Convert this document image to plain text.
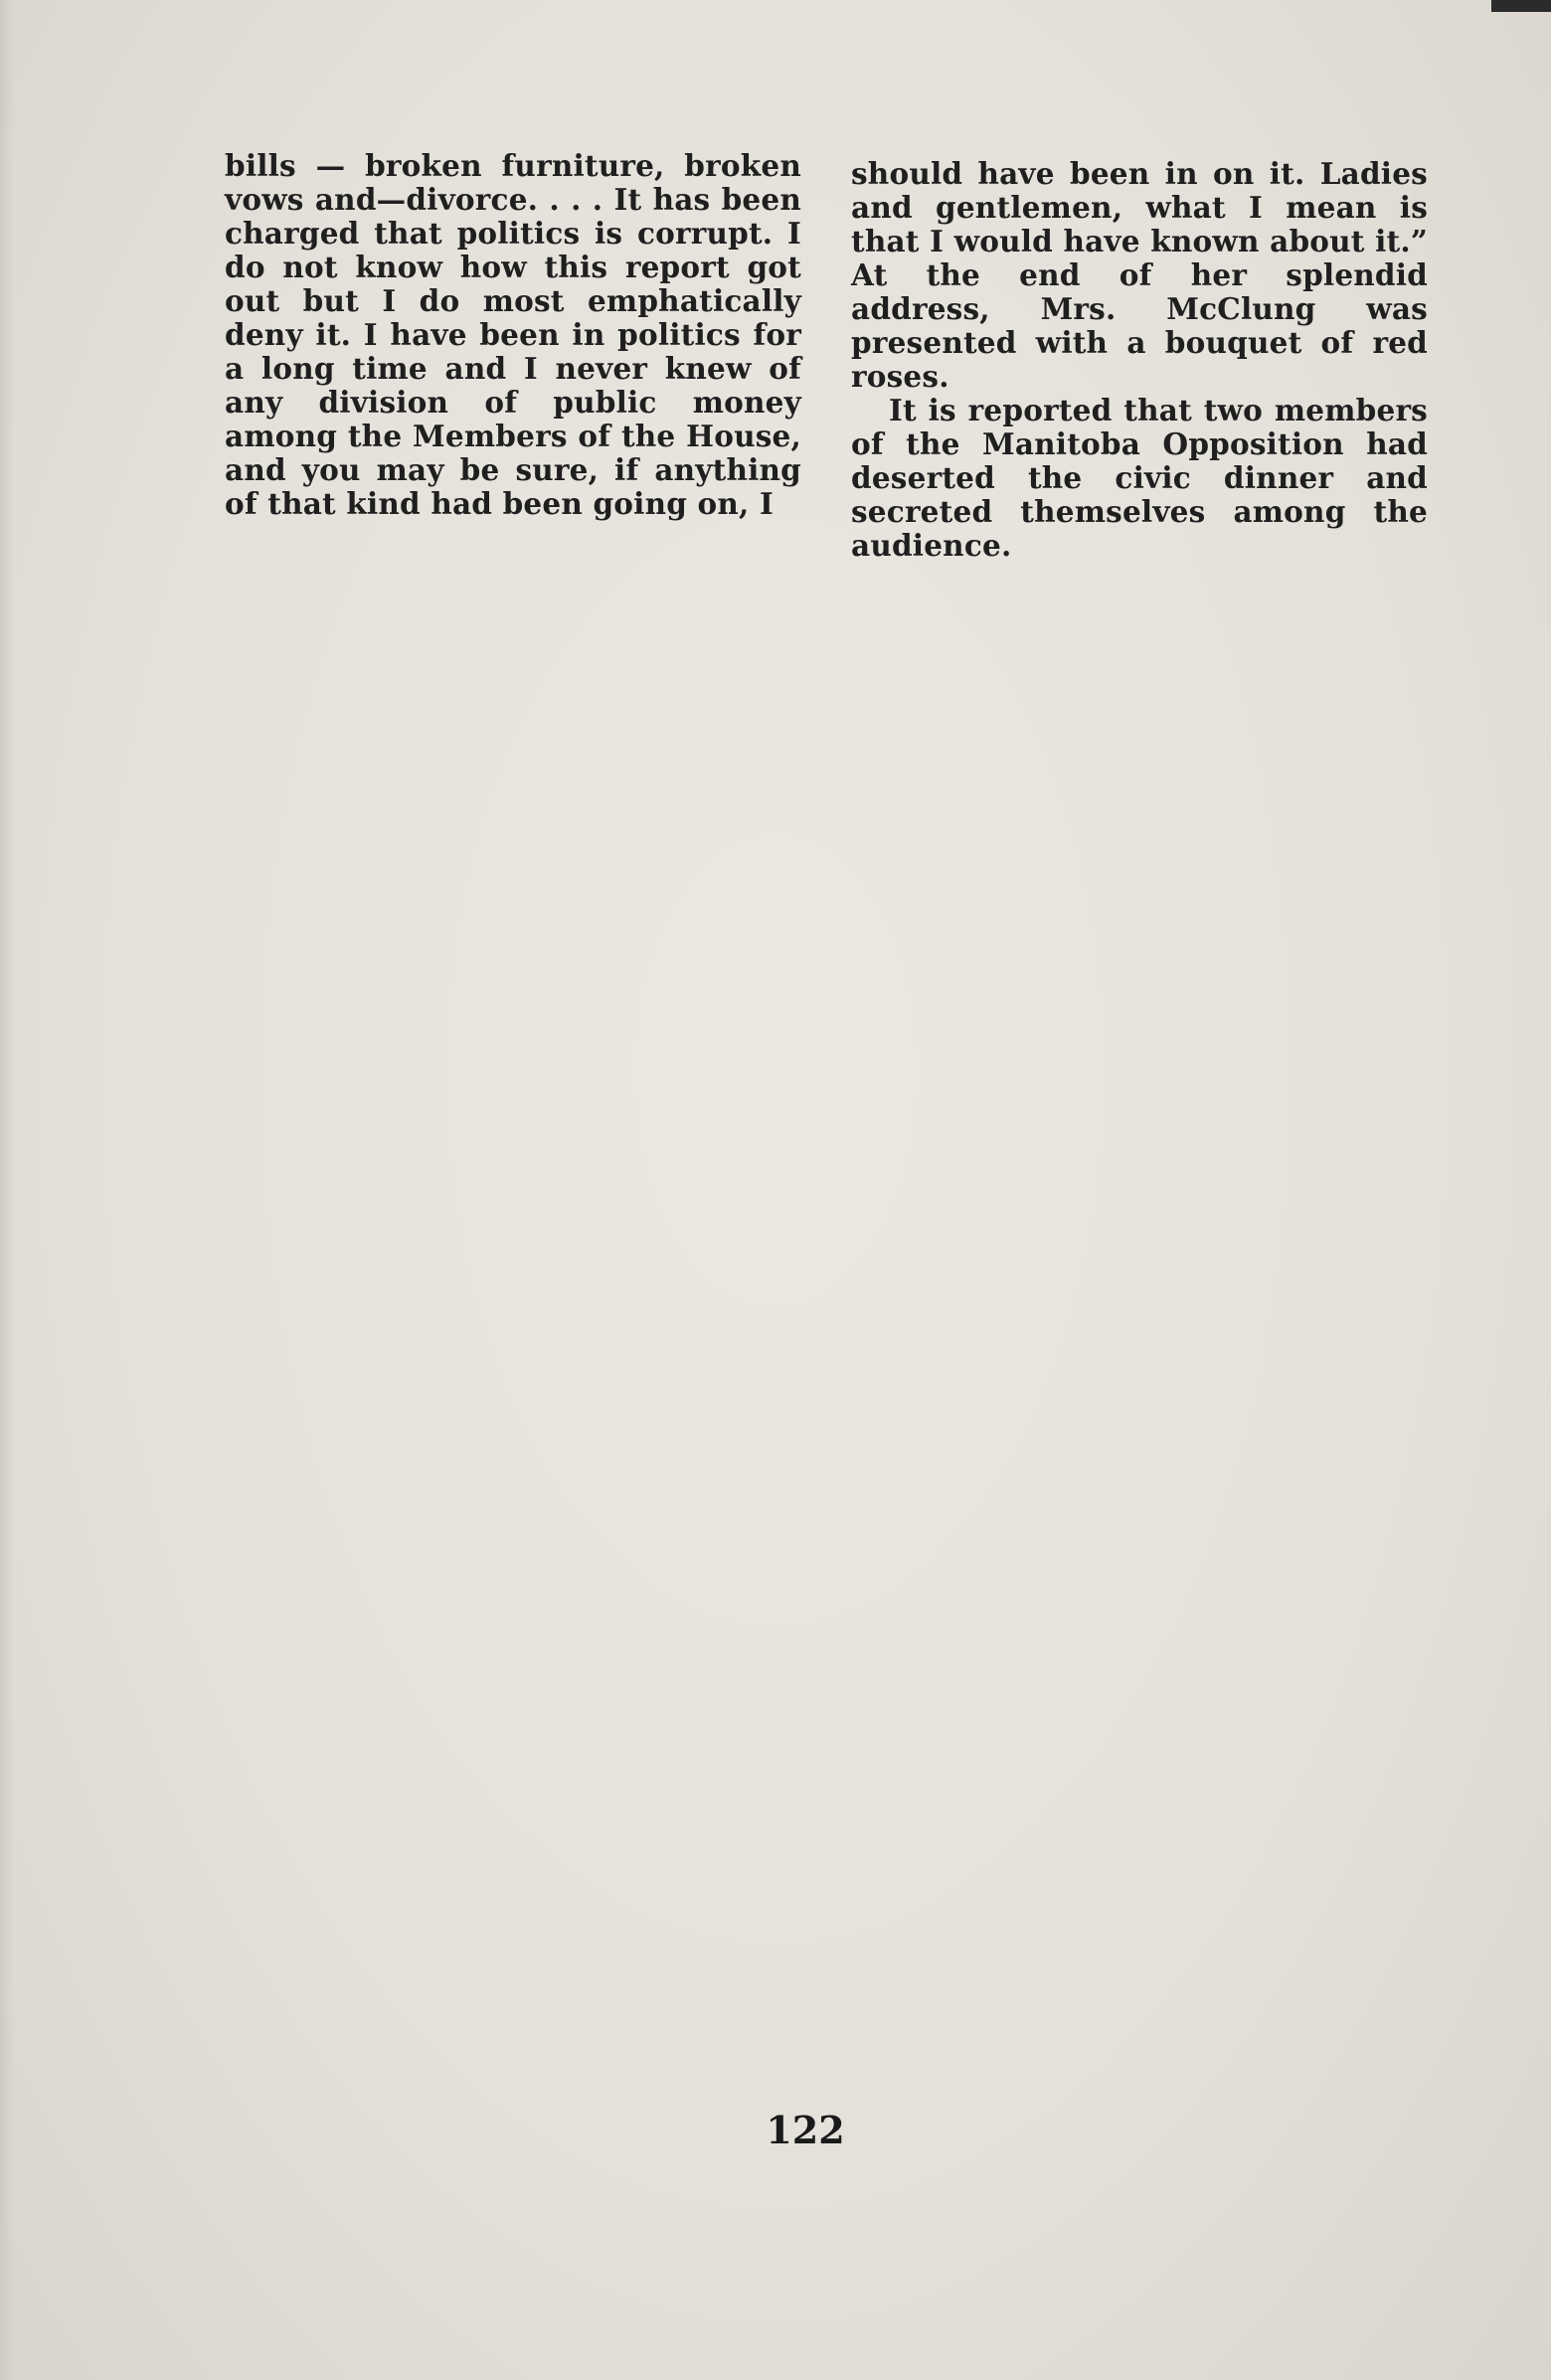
bills — broken furniture, broken vows and—divorce. . . . It has been charged that politics is corrupt. I do not know how this report got out but I do most emphatically deny it. I have been in politics for a long time and I never knew of any division of public money among the Members of the House, and you may be sure, if anything of that kind had been going on, I

should have been in on it. Ladies and gentlemen, what I mean is that I would have known about it.” At the end of her splendid address, Mrs. McClung was presented with a bouquet of red roses.

It is reported that two members of the Manitoba Opposition had deserted the civic dinner and secreted themselves among the audience.

122
